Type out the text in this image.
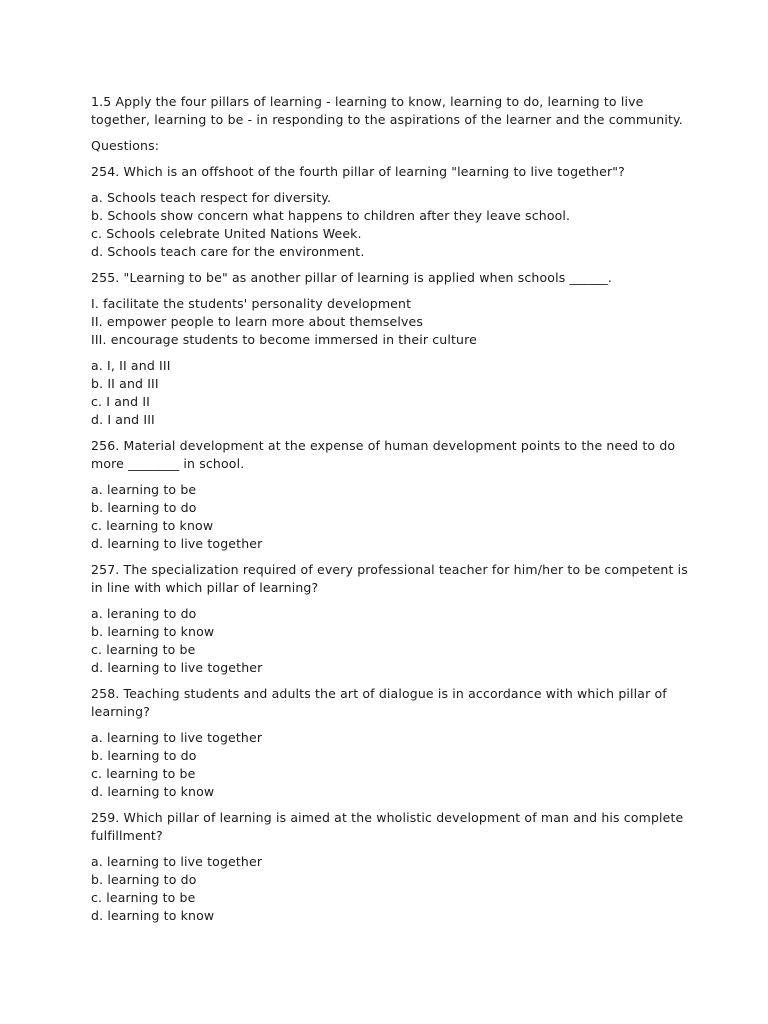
1.5 Apply the four pillars of learning - learning to know, learning to do, learning to live together, learning to be - in responding to the aspirations of the learner and the community.

Questions:

254. Which is an offshoot of the fourth pillar of learning "learning to live together"?

a. Schools teach respect for diversity.
b. Schools show concern what happens to children after they leave school.
c. Schools celebrate United Nations Week.
d. Schools teach care for the environment.

255. "Learning to be" as another pillar of learning is applied when schools ______.

I. facilitate the students' personality development
II. empower people to learn more about themselves
III. encourage students to become immersed in their culture
a. I, II and III
b. II and III
c. I and II
d. I and III

256. Material development at the expense of human development points to the need to do more ________ in school.

a. learning to be
b. learning to do
c. learning to know
d. learning to live together

257. The specialization required of every professional teacher for him/her to be competent is in line with which pillar of learning?

a. leraning to do
b. learning to know
c. learning to be
d. learning to live together

258. Teaching students and adults the art of dialogue is in accordance with which pillar of learning?

a. learning to live together
b. learning to do
c. learning to be
d. learning to know

259. Which pillar of learning is aimed at the wholistic development of man and his complete fulfillment?

a. learning to live together
b. learning to do
c. learning to be
d. learning to know
